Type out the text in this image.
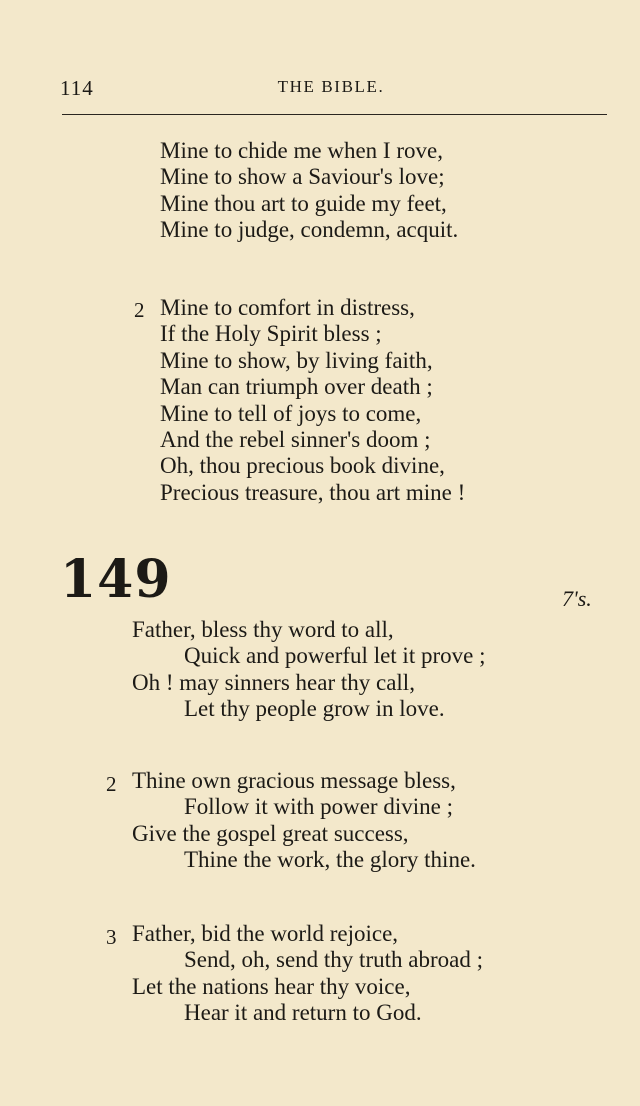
114	THE BIBLE.
Mine to chide me when I rove,
Mine to show a Saviour's love;
Mine thou art to guide my feet,
Mine to judge, condemn, acquit.
2 Mine to comfort in distress,
If the Holy Spirit bless ;
Mine to show, by living faith,
Man can triumph over death ;
Mine to tell of joys to come,
And the rebel sinner's doom ;
Oh, thou precious book divine,
Precious treasure, thou art mine !
149	7's.
Father, bless thy word to all,
Quick and powerful let it prove ;
Oh ! may sinners hear thy call,
Let thy people grow in love.
2 Thine own gracious message bless,
Follow it with power divine ;
Give the gospel great success,
Thine the work, the glory thine.
3 Father, bid the world rejoice,
Send, oh, send thy truth abroad ;
Let the nations hear thy voice,
Hear it and return to God.
